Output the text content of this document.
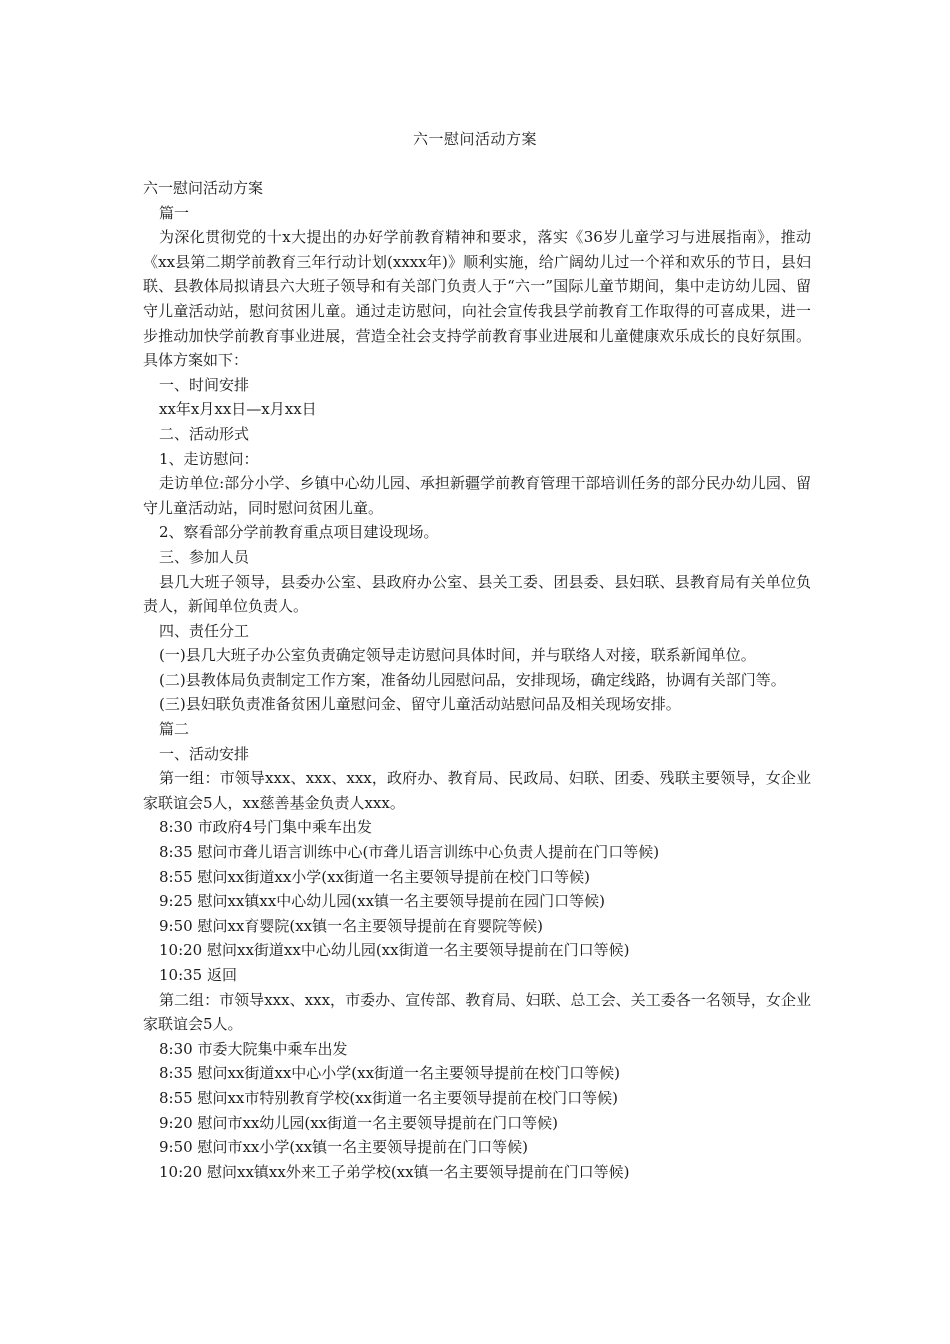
六一慰问活动方案

六一慰问活动方案

篇一

为深化贯彻党的十x大提出的办好学前教育精神和要求，落实《36岁儿童学习与进展指南》，推动《xx县第二期学前教育三年行动计划(xxxx年)》顺利实施，给广阔幼儿过一个祥和欢乐的节日，县妇联、县教体局拟请县六大班子领导和有关部门负责人于“六一”国际儿童节期间，集中走访幼儿园、留守儿童活动站，慰问贫困儿童。通过走访慰问，向社会宣传我县学前教育工作取得的可喜成果，进一步推动加快学前教育事业进展，营造全社会支持学前教育事业进展和儿童健康欢乐成长的良好氛围。具体方案如下：

一、时间安排

xx年x月xx日—x月xx日

二、活动形式

1、走访慰问：

走访单位:部分小学、乡镇中心幼儿园、承担新疆学前教育管理干部培训任务的部分民办幼儿园、留守儿童活动站，同时慰问贫困儿童。

2、察看部分学前教育重点项目建设现场。

三、参加人员

县几大班子领导，县委办公室、县政府办公室、县关工委、团县委、县妇联、县教育局有关单位负责人，新闻单位负责人。

四、责任分工

(一)县几大班子办公室负责确定领导走访慰问具体时间，并与联络人对接，联系新闻单位。

(二)县教体局负责制定工作方案，准备幼儿园慰问品，安排现场，确定线路，协调有关部门等。

(三)县妇联负责准备贫困儿童慰问金、留守儿童活动站慰问品及相关现场安排。

篇二

一、活动安排

第一组：市领导xxx、xxx、xxx，政府办、教育局、民政局、妇联、团委、残联主要领导，女企业家联谊会5人，xx慈善基金负责人xxx。

8:30 市政府4号门集中乘车出发

8:35 慰问市聋儿语言训练中心(市聋儿语言训练中心负责人提前在门口等候)

8:55 慰问xx街道xx小学(xx街道一名主要领导提前在校门口等候)

9:25 慰问xx镇xx中心幼儿园(xx镇一名主要领导提前在园门口等候)

9:50 慰问xx育婴院(xx镇一名主要领导提前在育婴院等候)

10:20 慰问xx街道xx中心幼儿园(xx街道一名主要领导提前在门口等候)

10:35 返回

第二组：市领导xxx、xxx，市委办、宣传部、教育局、妇联、总工会、关工委各一名领导，女企业家联谊会5人。

8:30 市委大院集中乘车出发

8:35 慰问xx街道xx中心小学(xx街道一名主要领导提前在校门口等候)

8:55 慰问xx市特别教育学校(xx街道一名主要领导提前在校门口等候)

9:20 慰问市xx幼儿园(xx街道一名主要领导提前在门口等候)

9:50 慰问市xx小学(xx镇一名主要领导提前在门口等候)

10:20 慰问xx镇xx外来工子弟学校(xx镇一名主要领导提前在门口等候)
